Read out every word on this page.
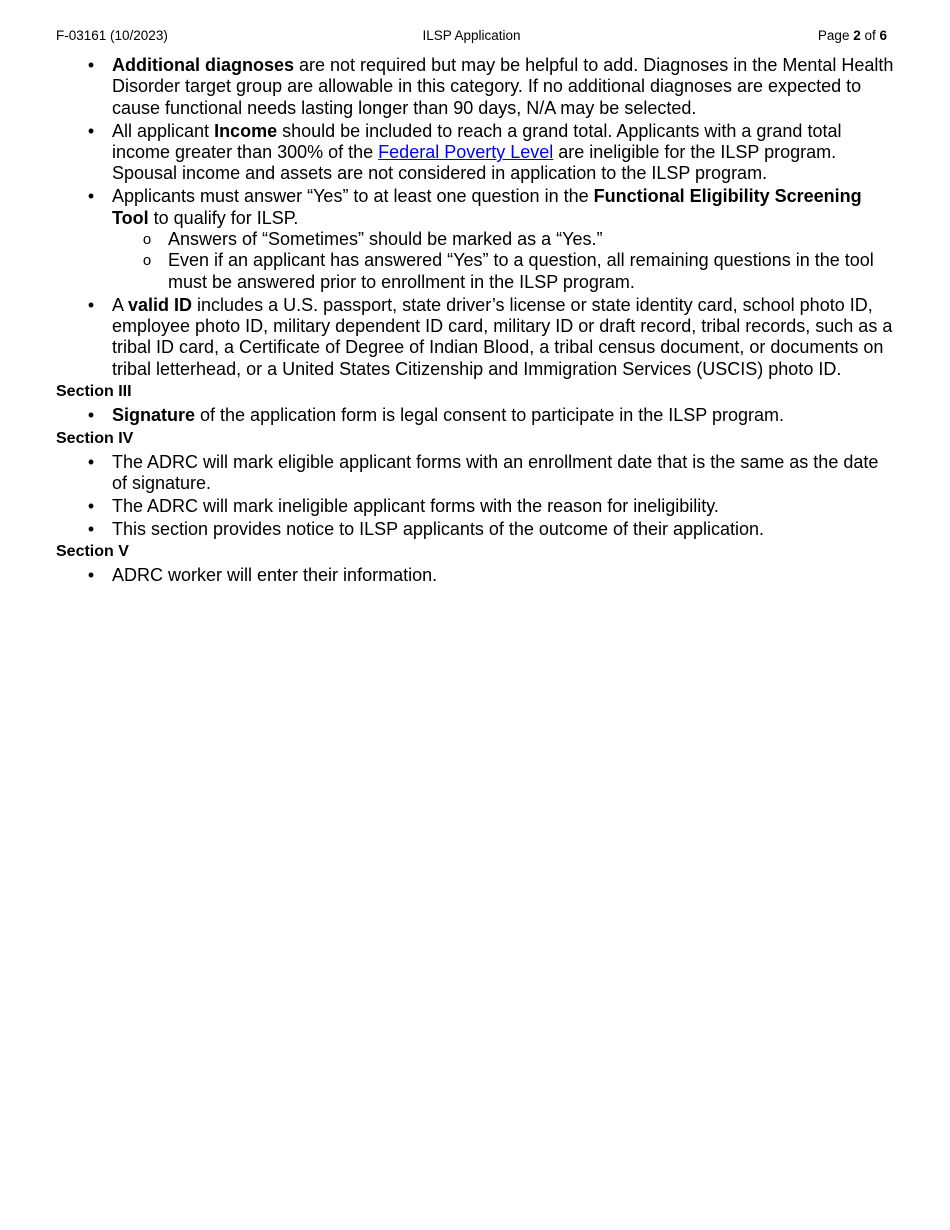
F-03161 (10/2023)	ILSP Application	Page 2 of 6
• Additional diagnoses are not required but may be helpful to add. Diagnoses in the Mental Health Disorder target group are allowable in this category. If no additional diagnoses are expected to cause functional needs lasting longer than 90 days, N/A may be selected.
• All applicant Income should be included to reach a grand total. Applicants with a grand total income greater than 300% of the Federal Poverty Level are ineligible for the ILSP program. Spousal income and assets are not considered in application to the ILSP program.
• Applicants must answer “Yes” to at least one question in the Functional Eligibility Screening Tool to qualify for ILSP.
o Answers of “Sometimes” should be marked as a “Yes.”
o Even if an applicant has answered “Yes” to a question, all remaining questions in the tool must be answered prior to enrollment in the ILSP program.
• A valid ID includes a U.S. passport, state driver’s license or state identity card, school photo ID, employee photo ID, military dependent ID card, military ID or draft record, tribal records, such as a tribal ID card, a Certificate of Degree of Indian Blood, a tribal census document, or documents on tribal letterhead, or a United States Citizenship and Immigration Services (USCIS) photo ID.
Section III
• Signature of the application form is legal consent to participate in the ILSP program.
Section IV
• The ADRC will mark eligible applicant forms with an enrollment date that is the same as the date of signature.
• The ADRC will mark ineligible applicant forms with the reason for ineligibility.
• This section provides notice to ILSP applicants of the outcome of their application.
Section V
• ADRC worker will enter their information.
